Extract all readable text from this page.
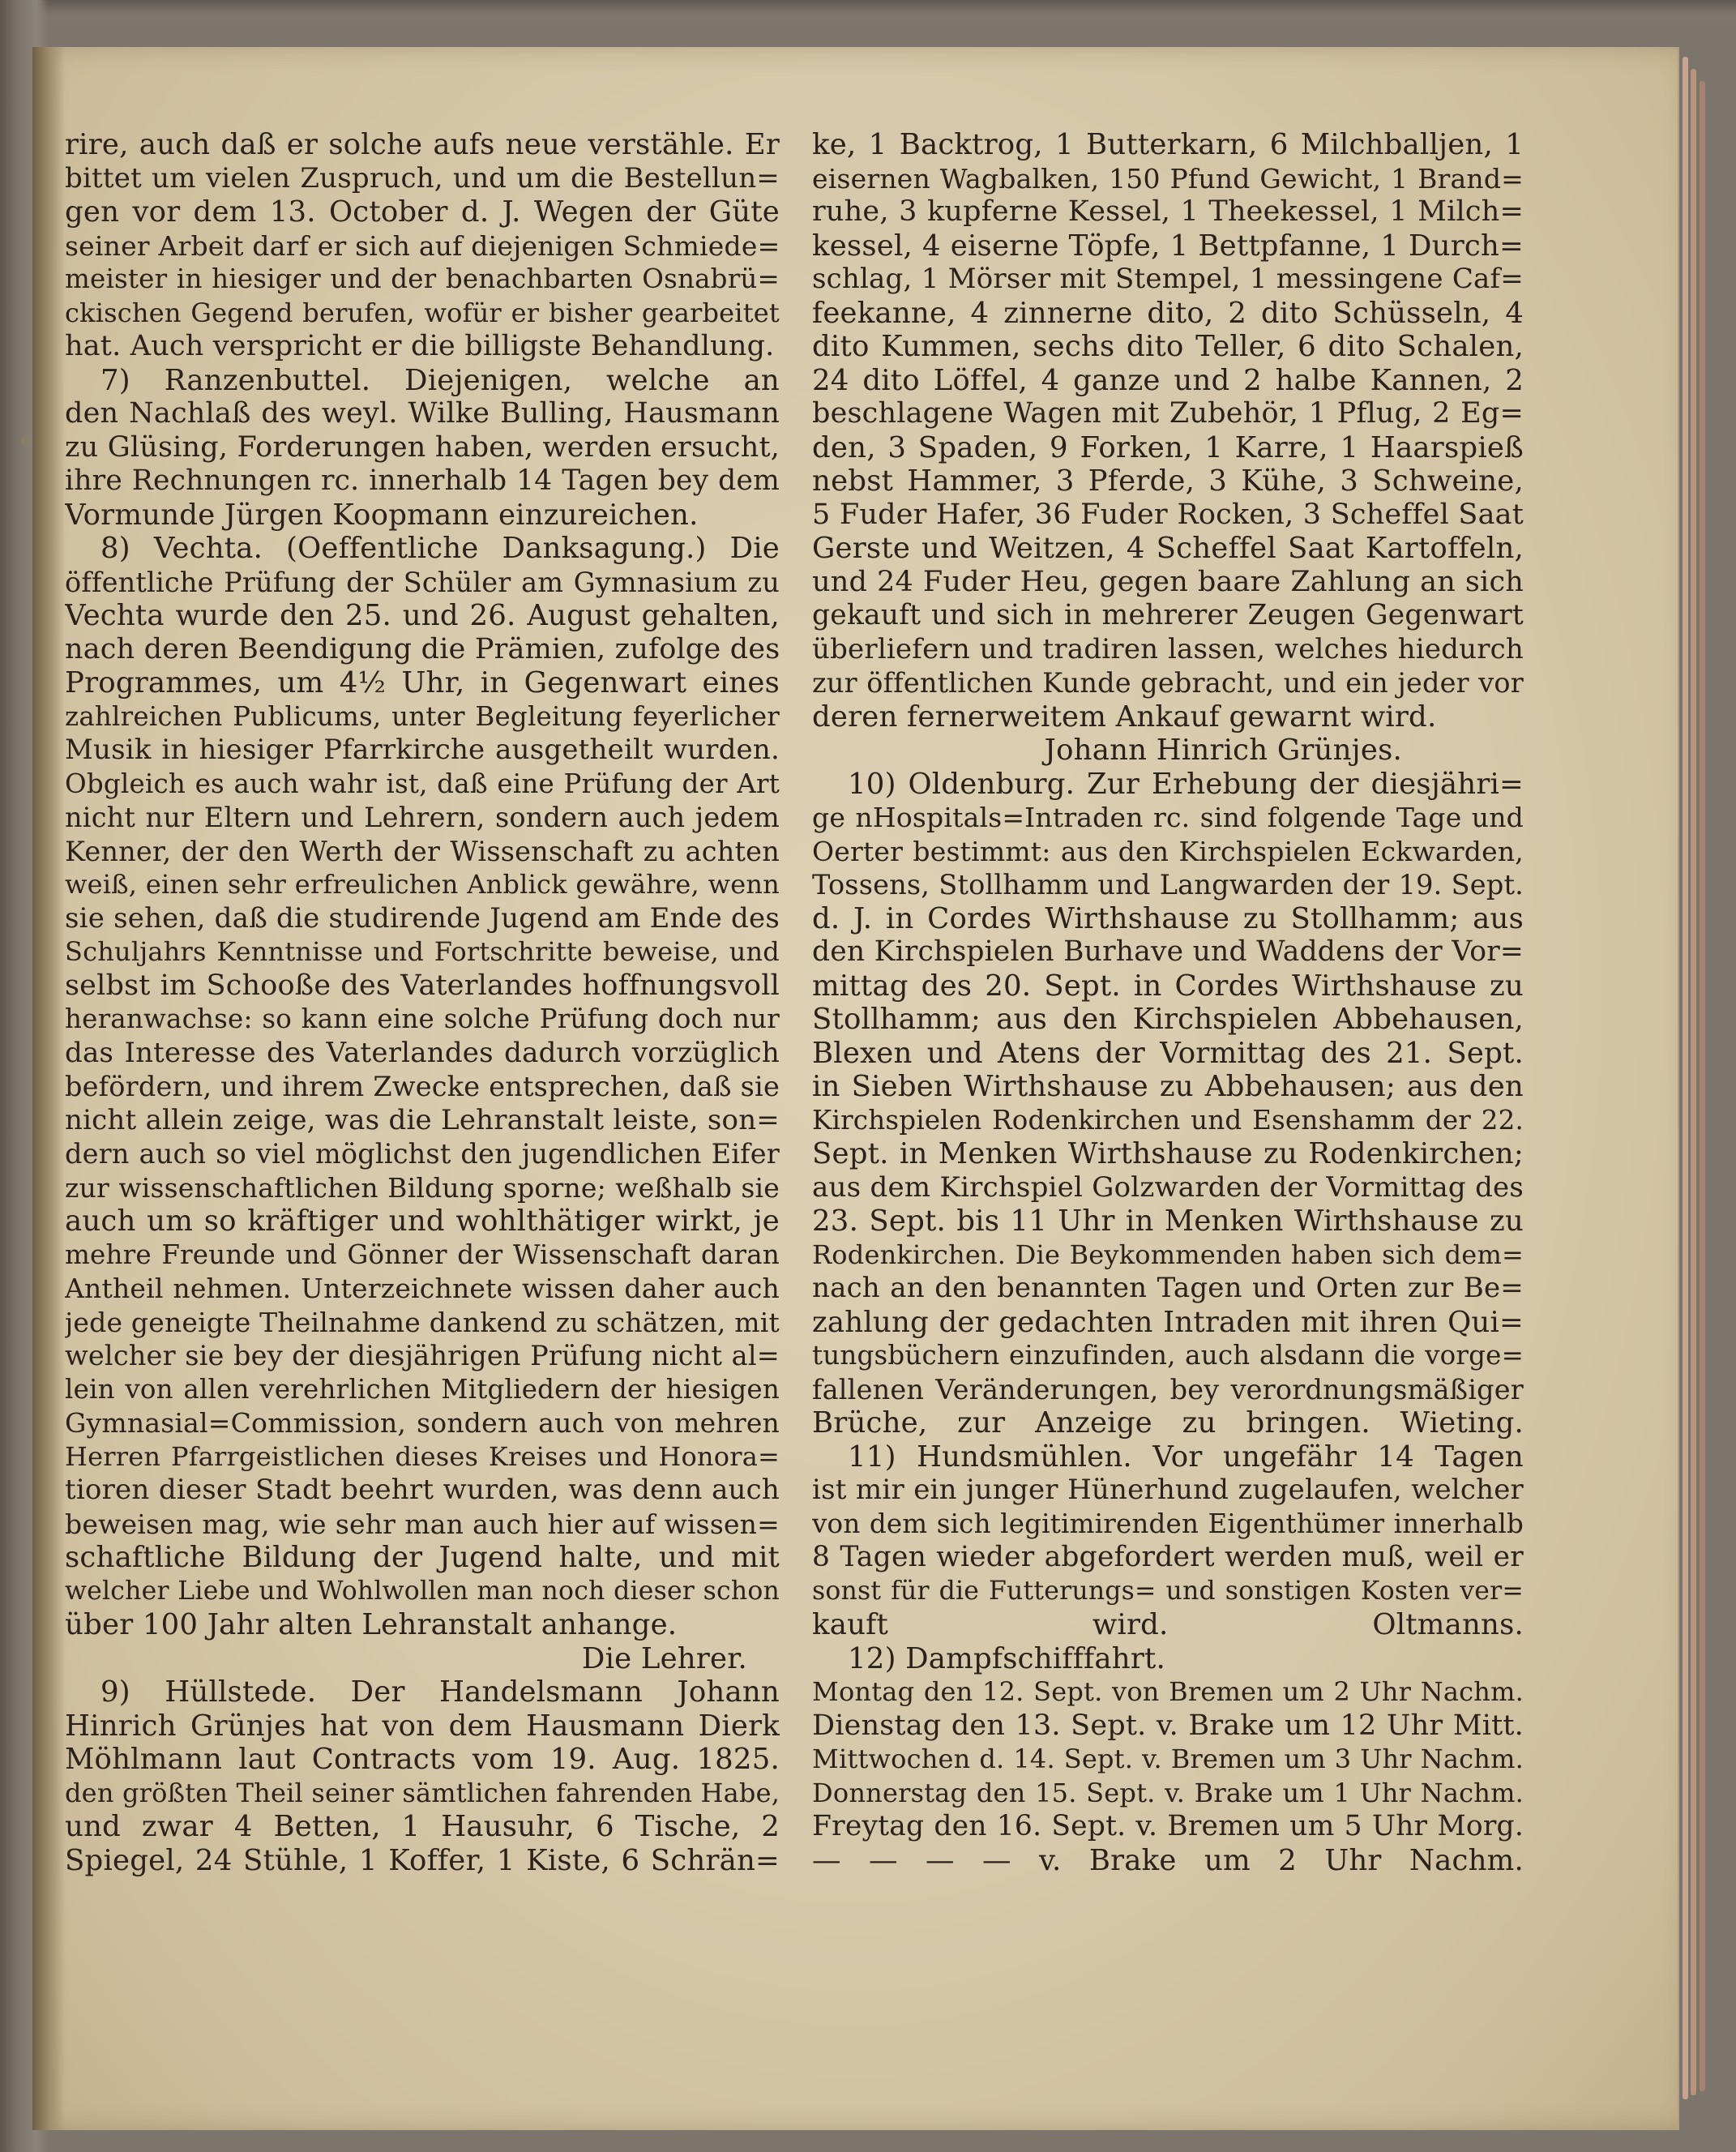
rire, auch daß er solche aufs neue verstähle. Er
bittet um vielen Zuspruch, und um die Bestellun=
gen vor dem 13. October d. J. Wegen der Güte
seiner Arbeit darf er sich auf diejenigen Schmiede=
meister in hiesiger und der benachbarten Osnabrü=
ckischen Gegend berufen, wofür er bisher gearbeitet
hat. Auch verspricht er die billigste Behandlung.
7) Ranzenbuttel. Diejenigen, welche an
den Nachlaß des weyl. Wilke Bulling, Hausmann
zu Glüsing, Forderungen haben, werden ersucht,
ihre Rechnungen rc. innerhalb 14 Tagen bey dem
Vormunde Jürgen Koopmann einzureichen.
8) Vechta. (Oeffentliche Danksagung.) Die
öffentliche Prüfung der Schüler am Gymnasium zu
Vechta wurde den 25. und 26. August gehalten,
nach deren Beendigung die Prämien, zufolge des
Programmes, um 4½ Uhr, in Gegenwart eines
zahlreichen Publicums, unter Begleitung feyerlicher
Musik in hiesiger Pfarrkirche ausgetheilt wurden.
Obgleich es auch wahr ist, daß eine Prüfung der Art
nicht nur Eltern und Lehrern, sondern auch jedem
Kenner, der den Werth der Wissenschaft zu achten
weiß, einen sehr erfreulichen Anblick gewähre, wenn
sie sehen, daß die studirende Jugend am Ende des
Schuljahrs Kenntnisse und Fortschritte beweise, und
selbst im Schooße des Vaterlandes hoffnungsvoll
heranwachse: so kann eine solche Prüfung doch nur
das Interesse des Vaterlandes dadurch vorzüglich
befördern, und ihrem Zwecke entsprechen, daß sie
nicht allein zeige, was die Lehranstalt leiste, son=
dern auch so viel möglichst den jugendlichen Eifer
zur wissenschaftlichen Bildung sporne; weßhalb sie
auch um so kräftiger und wohlthätiger wirkt, je
mehre Freunde und Gönner der Wissenschaft daran
Antheil nehmen. Unterzeichnete wissen daher auch
jede geneigte Theilnahme dankend zu schätzen, mit
welcher sie bey der diesjährigen Prüfung nicht al=
lein von allen verehrlichen Mitgliedern der hiesigen
Gymnasial=Commission, sondern auch von mehren
Herren Pfarrgeistlichen dieses Kreises und Honora=
tioren dieser Stadt beehrt wurden, was denn auch
beweisen mag, wie sehr man auch hier auf wissen=
schaftliche Bildung der Jugend halte, und mit
welcher Liebe und Wohlwollen man noch dieser schon
über 100 Jahr alten Lehranstalt anhange.
Die Lehrer.
9) Hüllstede. Der Handelsmann Johann
Hinrich Grünjes hat von dem Hausmann Dierk
Möhlmann laut Contracts vom 19. Aug. 1825.
den größten Theil seiner sämtlichen fahrenden Habe,
und zwar 4 Betten, 1 Hausuhr, 6 Tische, 2
Spiegel, 24 Stühle, 1 Koffer, 1 Kiste, 6 Schrän=
ke, 1 Backtrog, 1 Butterkarn, 6 Milchballjen, 1
eisernen Wagbalken, 150 Pfund Gewicht, 1 Brand=
ruhe, 3 kupferne Kessel, 1 Theekessel, 1 Milch=
kessel, 4 eiserne Töpfe, 1 Bettpfanne, 1 Durch=
schlag, 1 Mörser mit Stempel, 1 messingene Caf=
feekanne, 4 zinnerne dito, 2 dito Schüsseln, 4
dito Kummen, sechs dito Teller, 6 dito Schalen,
24 dito Löffel, 4 ganze und 2 halbe Kannen, 2
beschlagene Wagen mit Zubehör, 1 Pflug, 2 Eg=
den, 3 Spaden, 9 Forken, 1 Karre, 1 Haarspieß
nebst Hammer, 3 Pferde, 3 Kühe, 3 Schweine,
5 Fuder Hafer, 36 Fuder Rocken, 3 Scheffel Saat
Gerste und Weitzen, 4 Scheffel Saat Kartoffeln,
und 24 Fuder Heu, gegen baare Zahlung an sich
gekauft und sich in mehrerer Zeugen Gegenwart
überliefern und tradiren lassen, welches hiedurch
zur öffentlichen Kunde gebracht, und ein jeder vor
deren fernerweitem Ankauf gewarnt wird.
Johann Hinrich Grünjes.
10) Oldenburg. Zur Erhebung der diesjähri=
ge nHospitals=Intraden rc. sind folgende Tage und
Oerter bestimmt: aus den Kirchspielen Eckwarden,
Tossens, Stollhamm und Langwarden der 19. Sept.
d. J. in Cordes Wirthshause zu Stollhamm; aus
den Kirchspielen Burhave und Waddens der Vor=
mittag des 20. Sept. in Cordes Wirthshause zu
Stollhamm; aus den Kirchspielen Abbehausen,
Blexen und Atens der Vormittag des 21. Sept.
in Sieben Wirthshause zu Abbehausen; aus den
Kirchspielen Rodenkirchen und Esenshamm der 22.
Sept. in Menken Wirthshause zu Rodenkirchen;
aus dem Kirchspiel Golzwarden der Vormittag des
23. Sept. bis 11 Uhr in Menken Wirthshause zu
Rodenkirchen. Die Beykommenden haben sich dem=
nach an den benannten Tagen und Orten zur Be=
zahlung der gedachten Intraden mit ihren Qui=
tungsbüchern einzufinden, auch alsdann die vorge=
fallenen Veränderungen, bey verordnungsmäßiger
Brüche, zur Anzeige zu bringen. Wieting.
11) Hundsmühlen. Vor ungefähr 14 Tagen
ist mir ein junger Hünerhund zugelaufen, welcher
von dem sich legitimirenden Eigenthümer innerhalb
8 Tagen wieder abgefordert werden muß, weil er
sonst für die Futterungs= und sonstigen Kosten ver=
kauft wird. Oltmanns.
12) Dampfschifffahrt.
Montag den 12. Sept. von Bremen um 2 Uhr Nachm.
Dienstag den 13. Sept. v. Brake um 12 Uhr Mitt.
Mittwochen d. 14. Sept. v. Bremen um 3 Uhr Nachm.
Donnerstag den 15. Sept. v. Brake um 1 Uhr Nachm.
Freytag den 16. Sept. v. Bremen um 5 Uhr Morg.
— — — — v. Brake um 2 Uhr Nachm.
